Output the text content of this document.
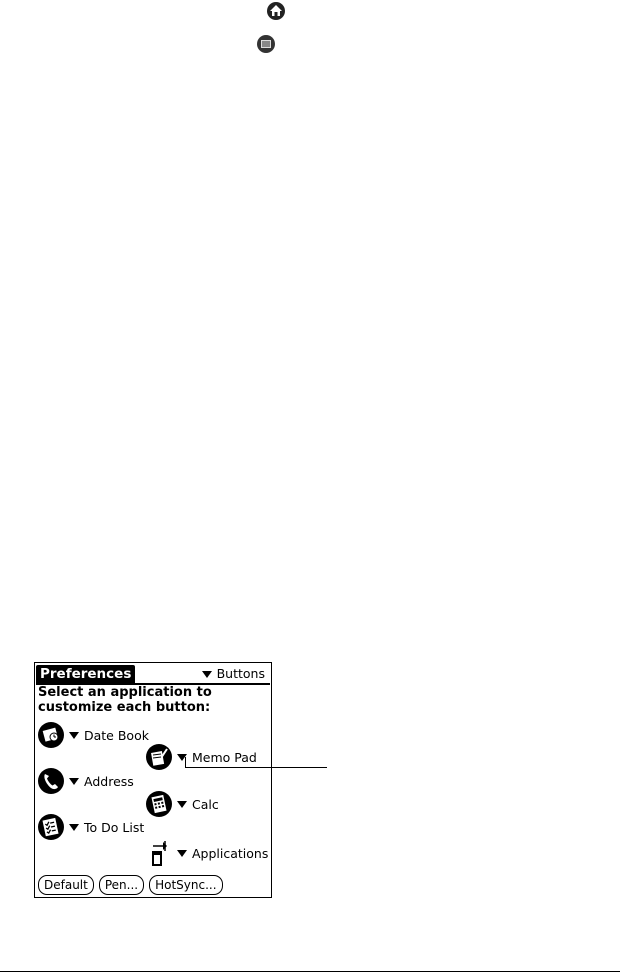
Preferences	Buttons
Select an application to customize each button:
Date Book
Memo Pad
Address
Calc
To Do List
Applications
Default	Pen...	HotSync...
